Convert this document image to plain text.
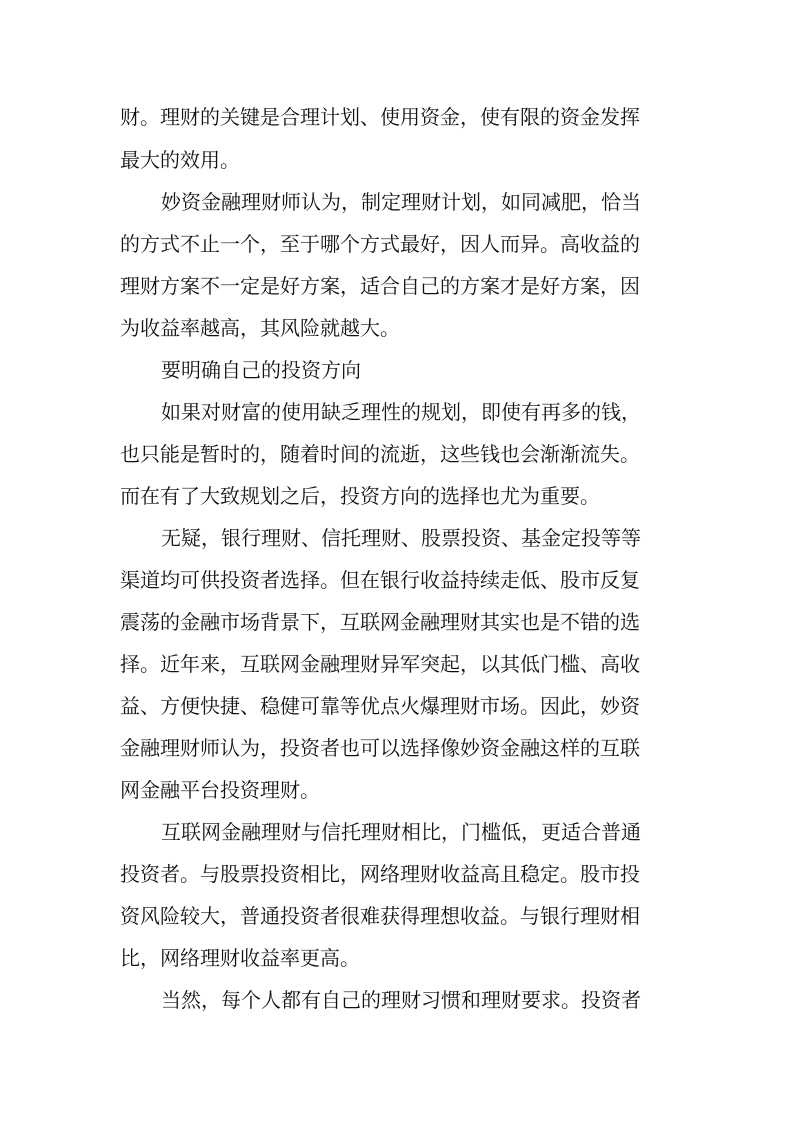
财。理财的关键是合理计划、使用资金，使有限的资金发挥
最大的效用。
妙资金融理财师认为，制定理财计划，如同减肥，恰当
的方式不止一个，至于哪个方式最好，因人而异。高收益的
理财方案不一定是好方案，适合自己的方案才是好方案，因
为收益率越高，其风险就越大。
要明确自己的投资方向
如果对财富的使用缺乏理性的规划，即使有再多的钱，
也只能是暂时的，随着时间的流逝，这些钱也会渐渐流失。
而在有了大致规划之后，投资方向的选择也尤为重要。
无疑，银行理财、信托理财、股票投资、基金定投等等
渠道均可供投资者选择。但在银行收益持续走低、股市反复
震荡的金融市场背景下，互联网金融理财其实也是不错的选
择。近年来，互联网金融理财异军突起，以其低门槛、高收
益、方便快捷、稳健可靠等优点火爆理财市场。因此，妙资
金融理财师认为，投资者也可以选择像妙资金融这样的互联
网金融平台投资理财。
互联网金融理财与信托理财相比，门槛低，更适合普通
投资者。与股票投资相比，网络理财收益高且稳定。股市投
资风险较大，普通投资者很难获得理想收益。与银行理财相
比，网络理财收益率更高。
当然，每个人都有自己的理财习惯和理财要求。投资者
